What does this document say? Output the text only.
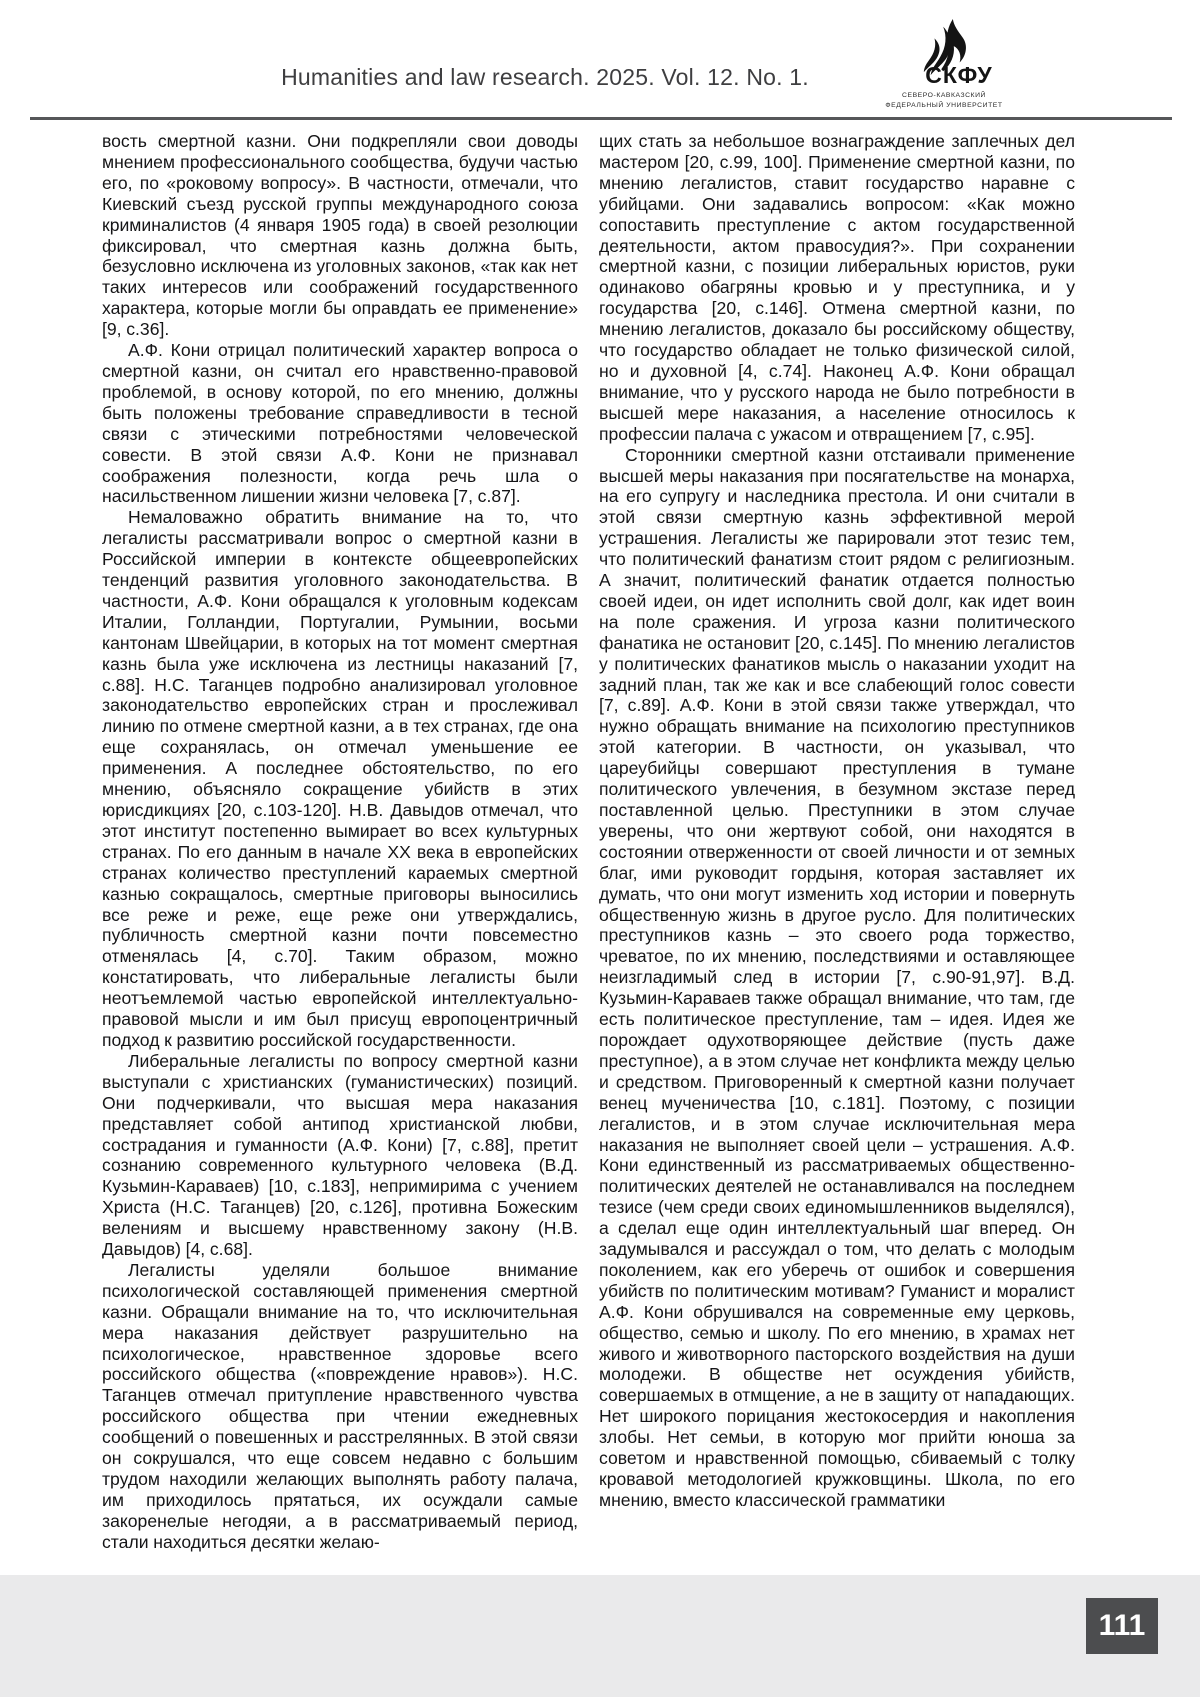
Humanities and law research. 2025. Vol. 12. No. 1.	СКФУ
СЕВЕРО-КАВКАЗСКИЙ
ФЕДЕРАЛЬНЫЙ УНИВЕРСИТЕТ

вость смертной казни. Они подкрепляли свои доводы мнением профессионального сообщества, будучи частью его, по «роковому вопросу». В частности, отмечали, что Киевский съезд русской группы международного союза криминалистов (4 января 1905 года) в своей резолюции фиксировал, что смертная казнь должна быть, безусловно исключена из уголовных законов, «так как нет таких интересов или соображений государственного характера, которые могли бы оправдать ее применение» [9, с.36].

А.Ф. Кони отрицал политический характер вопроса о смертной казни, он считал его нравственно-правовой проблемой, в основу которой, по его мнению, должны быть положены требование справедливости в тесной связи с этическими потребностями человеческой совести. В этой связи А.Ф. Кони не признавал соображения полезности, когда речь шла о насильственном лишении жизни человека [7, с.87].

Немаловажно обратить внимание на то, что легалисты рассматривали вопрос о смертной казни в Российской империи в контексте общеевропейских тенденций развития уголовного законодательства. В частности, А.Ф. Кони обращался к уголовным кодексам Италии, Голландии, Португалии, Румынии, восьми кантонам Швейцарии, в которых на тот момент смертная казнь была уже исключена из лестницы наказаний [7, с.88]. Н.С. Таганцев подробно анализировал уголовное законодательство европейских стран и прослеживал линию по отмене смертной казни, а в тех странах, где она еще сохранялась, он отмечал уменьшение ее применения. А последнее обстоятельство, по его мнению, объясняло сокращение убийств в этих юрисдикциях [20, с.103-120]. Н.В. Давыдов отмечал, что этот институт постепенно вымирает во всех культурных странах. По его данным в начале XX века в европейских странах количество преступлений караемых смертной казнью сокращалось, смертные приговоры выносились все реже и реже, еще реже они утверждались, публичность смертной казни почти повсеместно отменялась [4, с.70]. Таким образом, можно констатировать, что либеральные легалисты были неотъемлемой частью европейской интеллектуально-правовой мысли и им был присущ европоцентричный подход к развитию российской государственности.

Либеральные легалисты по вопросу смертной казни выступали с христианских (гуманистических) позиций. Они подчеркивали, что высшая мера наказания представляет собой антипод христианской любви, сострадания и гуманности (А.Ф. Кони) [7, с.88], претит сознанию современного культурного человека (В.Д. Кузьмин-Караваев) [10, с.183], непримирима с учением Христа (Н.С. Таганцев) [20, с.126], противна Божеским велениям и высшему нравственному закону (Н.В. Давыдов) [4, с.68].

Легалисты уделяли большое внимание психологической составляющей применения смертной казни. Обращали внимание на то, что исключительная мера наказания действует разрушительно на психологическое, нравственное здоровье всего российского общества («повреждение нравов»). Н.С. Таганцев отмечал притупление нравственного чувства российского общества при чтении ежедневных сообщений о повешенных и расстрелянных. В этой связи он сокрушался, что еще совсем недавно с большим трудом находили желающих выполнять работу палача, им приходилось прятаться, их осуждали самые закоренелые негодяи, а в рассматриваемый период, стали находиться десятки желаю-

щих стать за небольшое вознаграждение заплечных дел мастером [20, с.99, 100]. Применение смертной казни, по мнению легалистов, ставит государство наравне с убийцами. Они задавались вопросом: «Как можно сопоставить преступление с актом государственной деятельности, актом правосудия?». При сохранении смертной казни, с позиции либеральных юристов, руки одинаково обагряны кровью и у преступника, и у государства [20, с.146]. Отмена смертной казни, по мнению легалистов, доказало бы российскому обществу, что государство обладает не только физической силой, но и духовной [4, с.74]. Наконец А.Ф. Кони обращал внимание, что у русского народа не было потребности в высшей мере наказания, а население относилось к профессии палача с ужасом и отвращением [7, с.95].

Сторонники смертной казни отстаивали применение высшей меры наказания при посягательстве на монарха, на его супругу и наследника престола. И они считали в этой связи смертную казнь эффективной мерой устрашения. Легалисты же парировали этот тезис тем, что политический фанатизм стоит рядом с религиозным. А значит, политический фанатик отдается полностью своей идеи, он идет исполнить свой долг, как идет воин на поле сражения. И угроза казни политического фанатика не остановит [20, с.145]. По мнению легалистов у политических фанатиков мысль о наказании уходит на задний план, так же как и все слабеющий голос совести [7, с.89]. А.Ф. Кони в этой связи также утверждал, что нужно обращать внимание на психологию преступников этой категории. В частности, он указывал, что цареубийцы совершают преступления в тумане политического увлечения, в безумном экстазе перед поставленной целью. Преступники в этом случае уверены, что они жертвуют собой, они находятся в состоянии отверженности от своей личности и от земных благ, ими руководит гордыня, которая заставляет их думать, что они могут изменить ход истории и повернуть общественную жизнь в другое русло. Для политических преступников казнь – это своего рода торжество, чреватое, по их мнению, последствиями и оставляющее неизгладимый след в истории [7, с.90-91,97]. В.Д. Кузьмин-Караваев также обращал внимание, что там, где есть политическое преступление, там – идея. Идея же порождает одухотворяющее действие (пусть даже преступное), а в этом случае нет конфликта между целью и средством. Приговоренный к смертной казни получает венец мученичества [10, с.181]. Поэтому, с позиции легалистов, и в этом случае исключительная мера наказания не выполняет своей цели – устрашения. А.Ф. Кони единственный из рассматриваемых общественно-политических деятелей не останавливался на последнем тезисе (чем среди своих единомышленников выделялся), а сделал еще один интеллектуальный шаг вперед. Он задумывался и рассуждал о том, что делать с молодым поколением, как его уберечь от ошибок и совершения убийств по политическим мотивам? Гуманист и моралист А.Ф. Кони обрушивался на современные ему церковь, общество, семью и школу. По его мнению, в храмах нет живого и животворного пасторского воздействия на души молодежи. В обществе нет осуждения убийств, совершаемых в отмщение, а не в защиту от нападающих. Нет широкого порицания жестокосердия и накопления злобы. Нет семьи, в которую мог прийти юноша за советом и нравственной помощью, сбиваемый с толку кровавой методологией кружковщины. Школа, по его мнению, вместо классической грамматики

111
